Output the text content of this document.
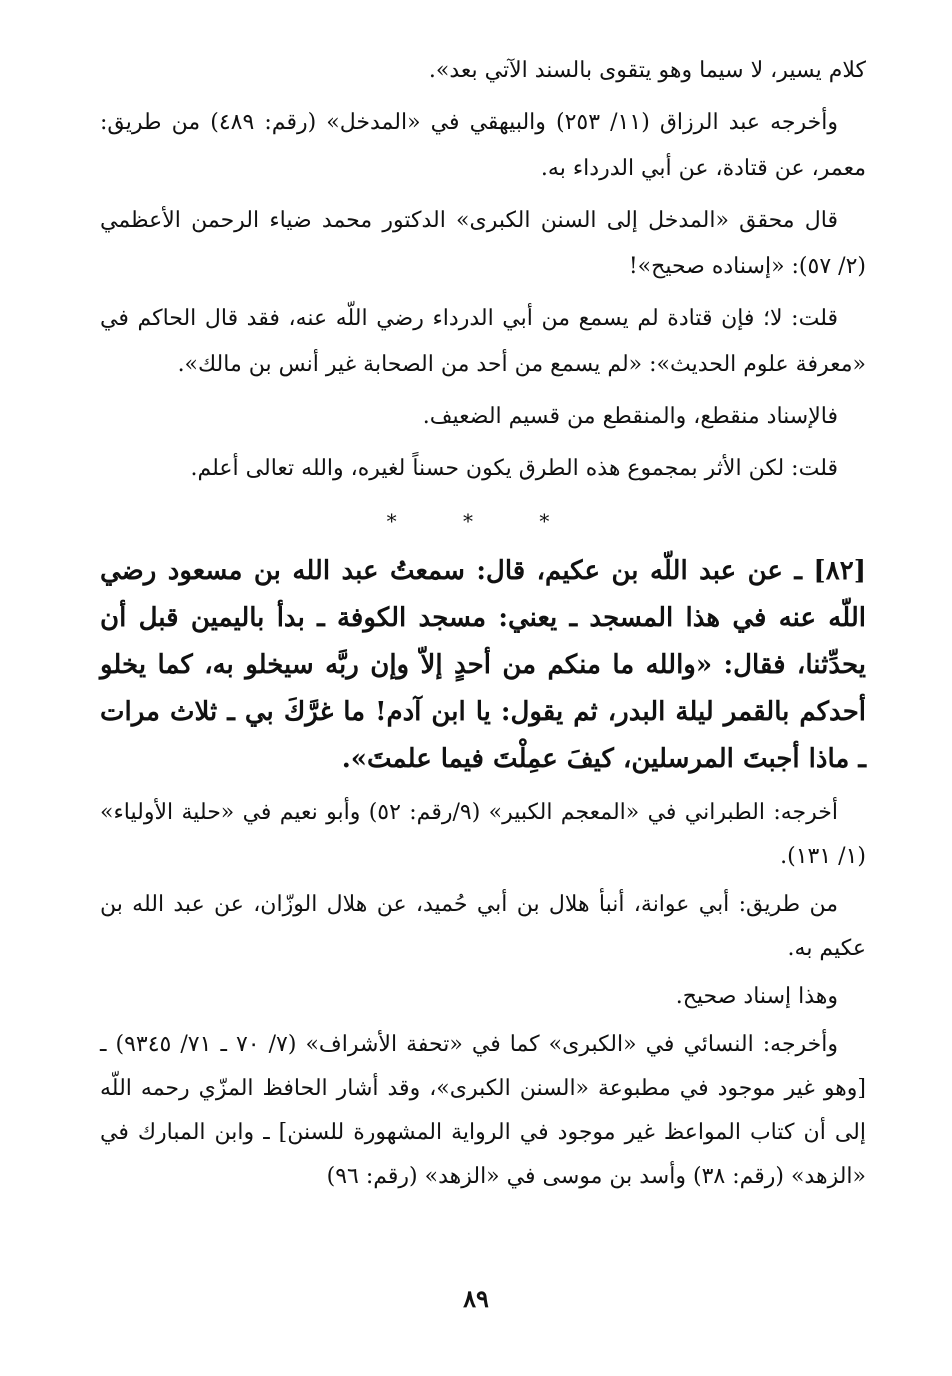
كلام يسير، لا سيما وهو يتقوى بالسند الآتي بعد».

وأخرجه عبد الرزاق (١١/ ٢٥٣) والبيهقي في «المدخل» (رقم: ٤٨٩) من طريق: معمر، عن قتادة، عن أبي الدرداء به.

قال محقق «المدخل إلى السنن الكبرى» الدكتور محمد ضياء الرحمن الأعظمي (٢/ ٥٧): «إسناده صحيح»!

قلت: لا؛ فإن قتادة لم يسمع من أبي الدرداء رضي اللّه عنه، فقد قال الحاكم في «معرفة علوم الحديث»: «لم يسمع من أحد من الصحابة غير أنس بن مالك».

فالإسناد منقطع، والمنقطع من قسيم الضعيف.

قلت: لكن الأثر بمجموع هذه الطرق يكون حسناً لغيره، والله تعالى أعلم.

* * *

[٨٢] ـ عن عبد اللّه بن عكيم، قال: سمعتُ عبد الله بن مسعود رضي اللّه عنه في هذا المسجد ـ يعني: مسجد الكوفة ـ بدأ باليمين قبل أن يحدِّثنا، فقال: «والله ما منكم من أحدٍ إلاّ وإن ربَّه سيخلو به، كما يخلو أحدكم بالقمر ليلة البدر، ثم يقول: يا ابن آدم! ما غرَّكَ بي ـ ثلاث مرات ـ ماذا أجبتَ المرسلين، كيفَ عمِلْتَ فيما علمتَ».

أخرجه: الطبراني في «المعجم الكبير» (٩/رقم: ٥٢) وأبو نعيم في «حلية الأولياء» (١/ ١٣١).

من طريق: أبي عوانة، أنبأ هلال بن أبي حُميد، عن هلال الوزّان، عن عبد الله بن عكيم به.

وهذا إسناد صحيح.

وأخرجه: النسائي في «الكبرى» كما في «تحفة الأشراف» (٧/ ٧٠ ـ ٧١/ ٩٣٤٥) ـ [وهو غير موجود في مطبوعة «السنن الكبرى»، وقد أشار الحافظ المزّي رحمه اللّه إلى أن كتاب المواعظ غير موجود في الرواية المشهورة للسنن] ـ وابن المبارك في «الزهد» (رقم: ٣٨) وأسد بن موسى في «الزهد» (رقم: ٩٦)

٨٩
